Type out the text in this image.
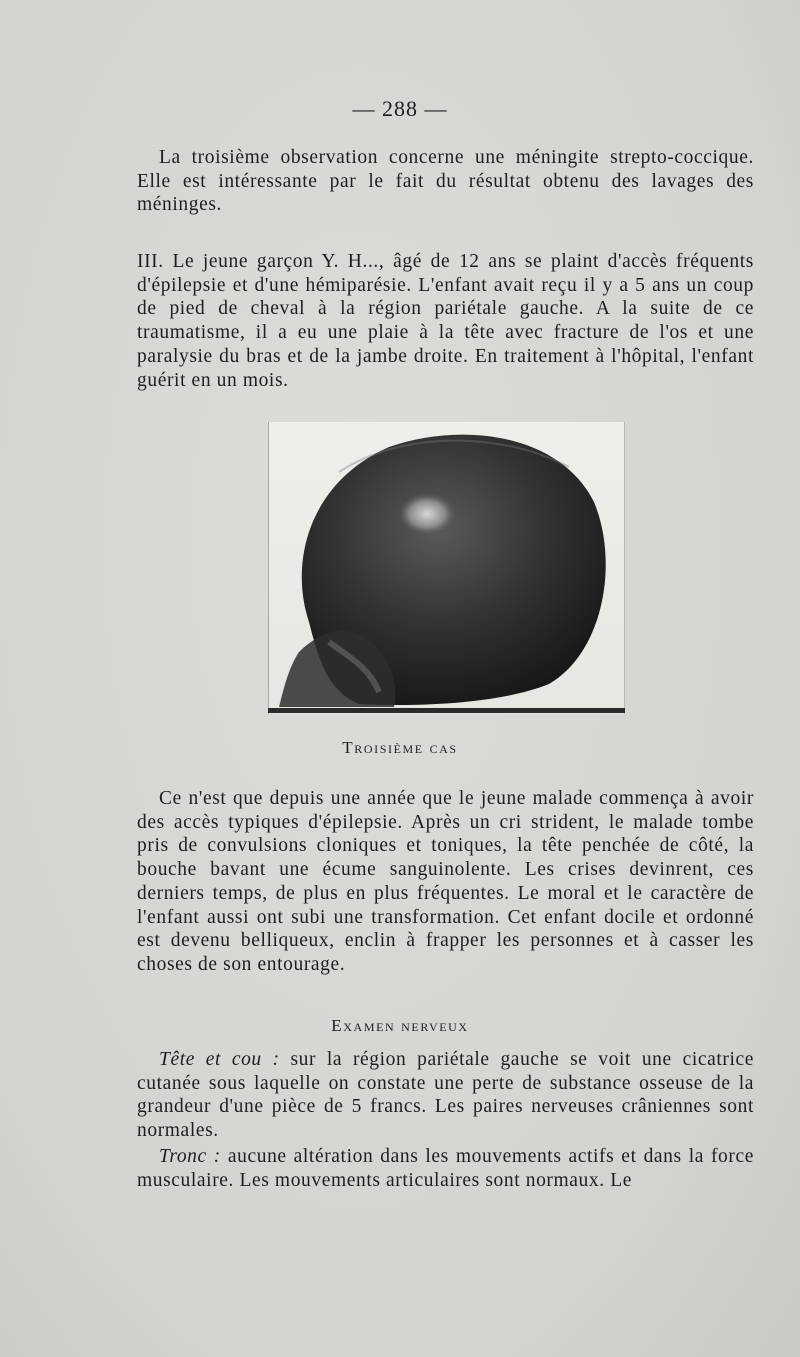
— 288 —

La troisième observation concerne une méningite strepto-coccique. Elle est intéressante par le fait du résultat obtenu des lavages des méninges.

III. Le jeune garçon Y. H..., âgé de 12 ans se plaint d'accès fréquents d'épilepsie et d'une hémiparésie. L'enfant avait reçu il y a 5 ans un coup de pied de cheval à la région pariétale gauche. A la suite de ce traumatisme, il a eu une plaie à la tête avec fracture de l'os et une paralysie du bras et de la jambe droite. En traitement à l'hôpital, l'enfant guérit en un mois.

Troisième cas

Ce n'est que depuis une année que le jeune malade commença à avoir des accès typiques d'épilepsie. Après un cri strident, le malade tombe pris de convulsions cloniques et toniques, la tête penchée de côté, la bouche bavant une écume sanguinolente. Les crises devinrent, ces derniers temps, de plus en plus fréquentes. Le moral et le caractère de l'enfant aussi ont subi une transformation. Cet enfant docile et ordonné est devenu belliqueux, enclin à frapper les personnes et à casser les choses de son entourage.

Examen nerveux

Tête et cou : sur la région pariétale gauche se voit une cicatrice cutanée sous laquelle on constate une perte de substance osseuse de la grandeur d'une pièce de 5 francs. Les paires nerveuses crâniennes sont normales.

Tronc : aucune altération dans les mouvements actifs et dans la force musculaire. Les mouvements articulaires sont normaux. Le
